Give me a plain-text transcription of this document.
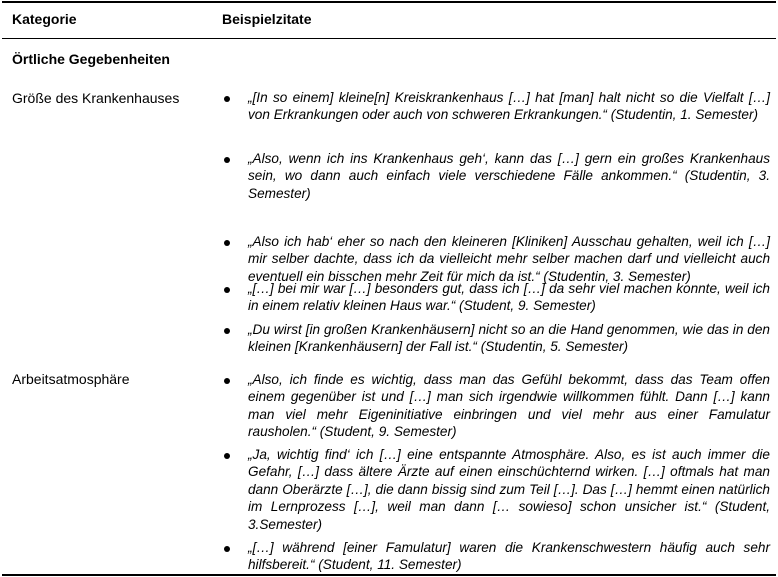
Kategorie	Beispielzitate
Örtliche Gegebenheiten
Größe des Krankenhauses	„[In so einem] kleine[n] Kreiskrankenhaus […] hat [man] halt nicht so die Vielfalt […] von Erkrankungen oder auch von schweren Erkrankungen.“ (Studentin, 1. Semester)
„Also, wenn ich ins Krankenhaus geh‘, kann das […] gern ein großes Krankenhaus sein, wo dann auch einfach viele verschiedene Fälle ankommen.“ (Studentin, 3. Semester)
„Also ich hab‘ eher so nach den kleineren [Kliniken] Ausschau gehalten, weil ich […] mir selber dachte, dass ich da vielleicht mehr selber machen darf und vielleicht auch eventuell ein bisschen mehr Zeit für mich da ist.“ (Studentin, 3. Semester)
„[…] bei mir war […] besonders gut, dass ich […] da sehr viel machen konnte, weil ich in einem relativ kleinen Haus war.“ (Student, 9. Semester)
„Du wirst [in großen Krankenhäusern] nicht so an die Hand genommen, wie das in den kleinen [Krankenhäusern] der Fall ist.“ (Studentin, 5. Semester)
Arbeitsatmosphäre	„Also, ich finde es wichtig, dass man das Gefühl bekommt, dass das Team offen einem gegenüber ist und […] man sich irgendwie willkommen fühlt. Dann […] kann man viel mehr Eigeninitiative einbringen und viel mehr aus einer Famulatur rausholen.“ (Student, 9. Semester)
„Ja, wichtig find‘ ich […] eine entspannte Atmosphäre. Also, es ist auch immer die Gefahr, […] dass ältere Ärzte auf einen einschüchternd wirken. […] oftmals hat man dann Oberärzte […], die dann bissig sind zum Teil […]. Das […] hemmt einen natürlich im Lernprozess […], weil man dann [… sowieso] schon unsicher ist.“ (Student, 3.Semester)
„[…] während [einer Famulatur] waren die Krankenschwestern häufig auch sehr hilfsbereit.“ (Student, 11. Semester)
